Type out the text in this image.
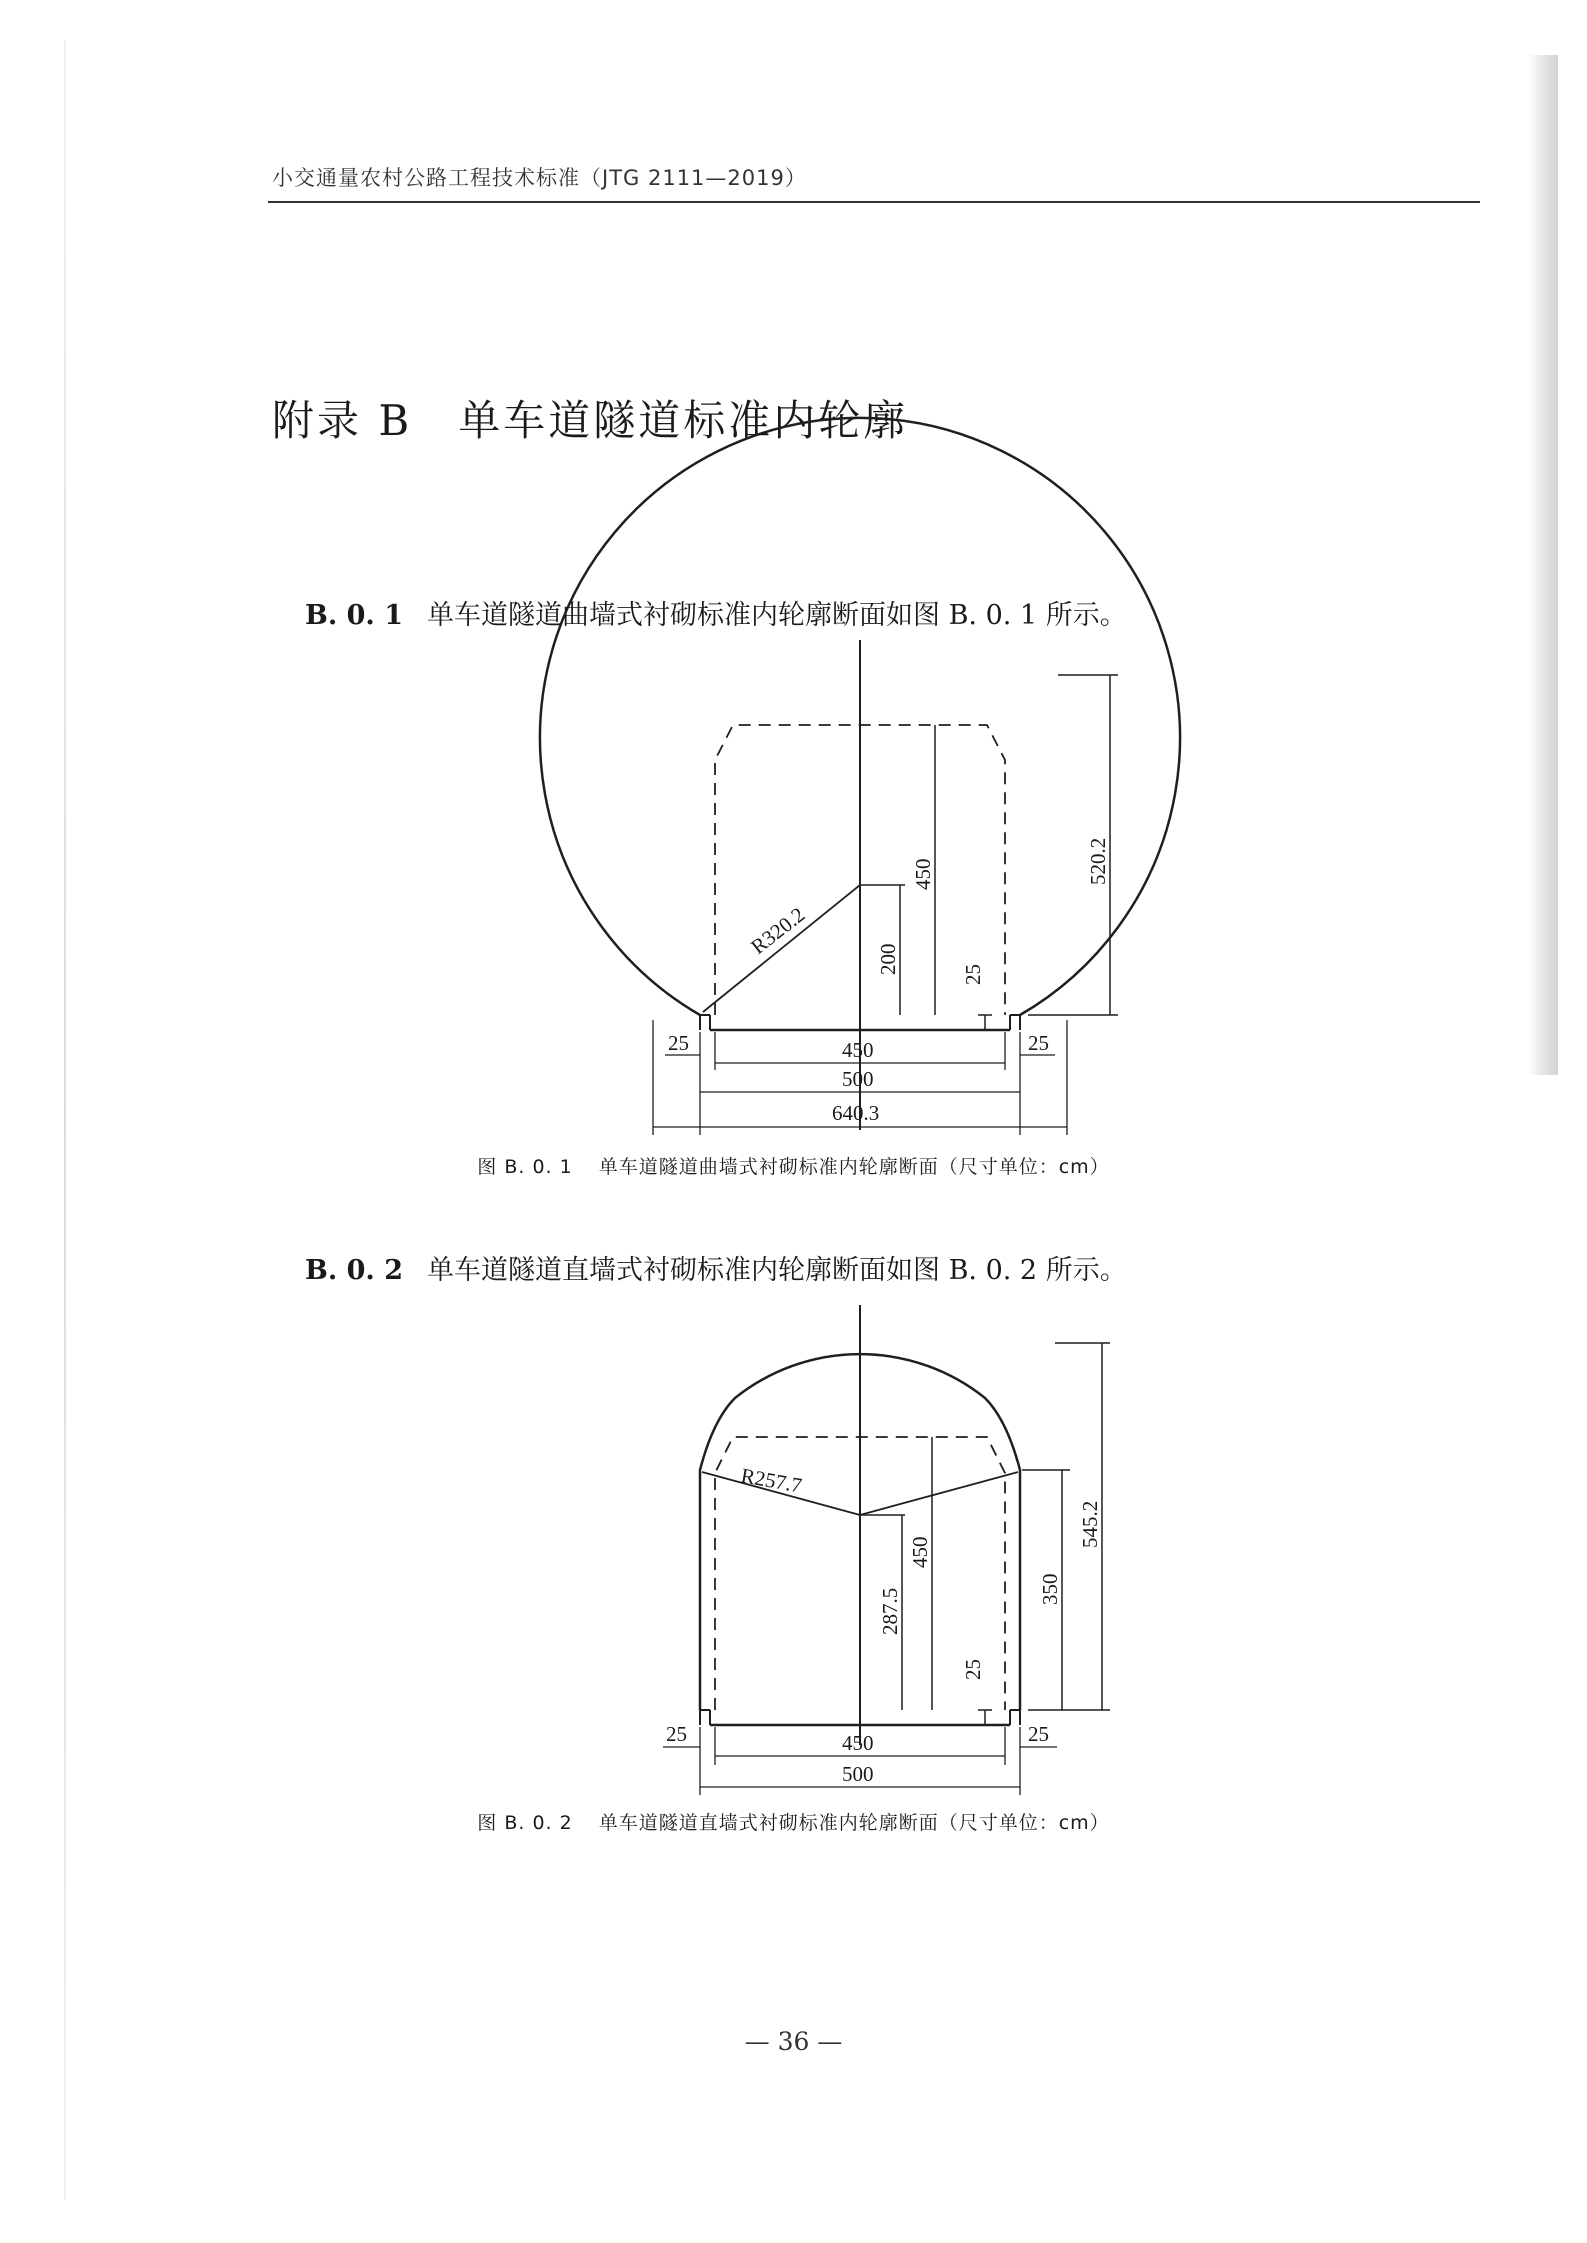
小交通量农村公路工程技术标准（JTG 2111—2019）
附录 B 单车道隧道标准内轮廓
B. 0. 1 单车道隧道曲墙式衬砌标准内轮廓断面如图 B. 0. 1 所示。
R320.2
200
450
25
520.2
25	25
450
500
640.3
图 B. 0. 1 单车道隧道曲墙式衬砌标准内轮廓断面（尺寸单位：cm）
B. 0. 2 单车道隧道直墙式衬砌标准内轮廓断面如图 B. 0. 2 所示。
R257.7
287.5
450
25
350
545.2
25	25
450
500
图 B. 0. 2 单车道隧道直墙式衬砌标准内轮廓断面（尺寸单位：cm）
— 36 —
